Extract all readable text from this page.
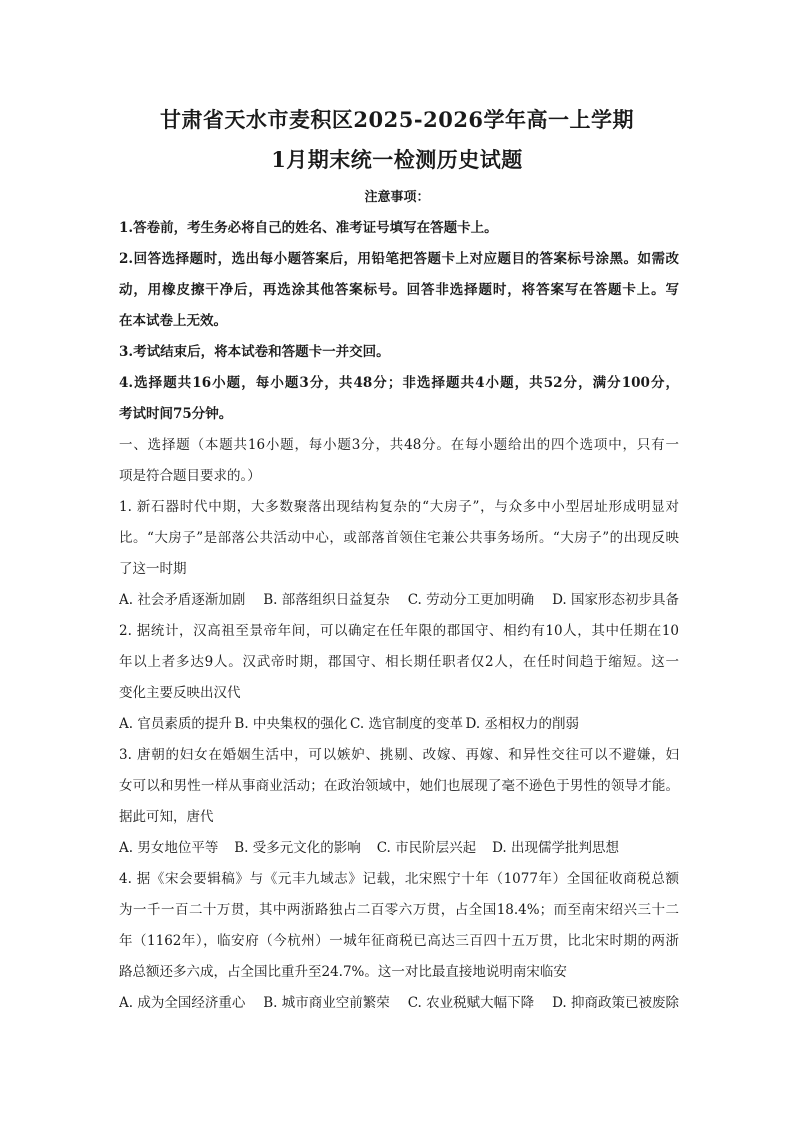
甘肃省天水市麦积区2025-2026学年高一上学期
1月期末统一检测历史试题
注意事项：
1.答卷前，考生务必将自己的姓名、准考证号填写在答题卡上。
2.回答选择题时，选出每小题答案后，用铅笔把答题卡上对应题目的答案标号涂黑。如需改
动，用橡皮擦干净后，再选涂其他答案标号。回答非选择题时，将答案写在答题卡上。写
在本试卷上无效。
3.考试结束后，将本试卷和答题卡一并交回。
4.选择题共16小题，每小题3分，共48分；非选择题共4小题，共52分，满分100分，
考试时间75分钟。
一、选择题（本题共16小题，每小题3分，共48分。在每小题给出的四个选项中，只有一
项是符合题目要求的。）
1. 新石器时代中期，大多数聚落出现结构复杂的“大房子”，与众多中小型居址形成明显对
比。“大房子”是部落公共活动中心，或部落首领住宅兼公共事务场所。“大房子”的出现反映
了这一时期
A. 社会矛盾逐渐加剧 B. 部落组织日益复杂 C. 劳动分工更加明确 D. 国家形态初步具备
2. 据统计，汉高祖至景帝年间，可以确定在任年限的郡国守、相约有10人，其中任期在10
年以上者多达9人。汉武帝时期，郡国守、相长期任职者仅2人，在任时间趋于缩短。这一
变化主要反映出汉代
A. 官员素质的提升 B. 中央集权的强化 C. 选官制度的变革 D. 丞相权力的削弱
3. 唐朝的妇女在婚姻生活中，可以嫉妒、挑剔、改嫁、再嫁、和异性交往可以不避嫌，妇
女可以和男性一样从事商业活动；在政治领域中，她们也展现了毫不逊色于男性的领导才能。
据此可知，唐代
A. 男女地位平等 B. 受多元文化的影响 C. 市民阶层兴起 D. 出现儒学批判思想
4. 据《宋会要辑稿》与《元丰九域志》记载，北宋熙宁十年（1077年）全国征收商税总额
为一千一百二十万贯，其中两浙路独占二百零六万贯，占全国18.4%；而至南宋绍兴三十二
年（1162年），临安府（今杭州）一城年征商税已高达三百四十五万贯，比北宋时期的两浙
路总额还多六成，占全国比重升至24.7%。这一对比最直接地说明南宋临安
A. 成为全国经济重心 B. 城市商业空前繁荣 C. 农业税赋大幅下降 D. 抑商政策已被废除
